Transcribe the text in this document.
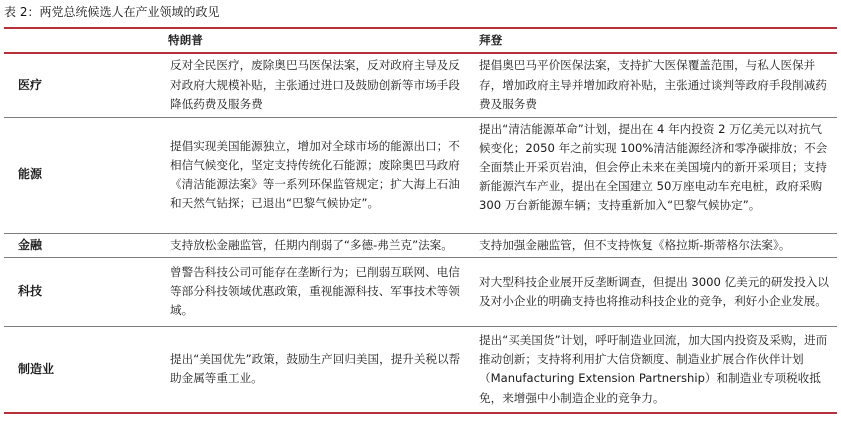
表 2：两党总统候选人在产业领域的政见
	特朗普	拜登
医疗	反对全民医疗，废除奥巴马医保法案，反对政府主导及反对政府大规模补贴，主张通过进口及鼓励创新等市场手段降低药费及服务费	提倡奥巴马平价医保法案，支持扩大医保覆盖范围，与私人医保并存，增加政府主导并增加政府补贴，主张通过谈判等政府手段削减药费及服务费
能源	提倡实现美国能源独立，增加对全球市场的能源出口；不相信气候变化，坚定支持传统化石能源；废除奥巴马政府《清洁能源法案》等一系列环保监管规定；扩大海上石油和天然气钻探；已退出“巴黎气候协定”。	提出“清洁能源革命”计划，提出在 4 年内投资 2 万亿美元以对抗气候变化；2050 年之前实现 100%清洁能源经济和零净碳排放；不会全面禁止开采页岩油，但会停止未来在美国境内的新开采项目；支持新能源汽车产业，提出在全国建立 50万座电动车充电桩，政府采购 300 万台新能源车辆；支持重新加入“巴黎气候协定”。
金融	支持放松金融监管，任期内削弱了“多德-弗兰克”法案。	支持加强金融监管，但不支持恢复《格拉斯-斯蒂格尔法案》。
科技	曾警告科技公司可能存在垄断行为；已削弱互联网、电信等部分科技领域优惠政策，重视能源科技、军事技术等领域。	对大型科技企业展开反垄断调查，但提出 3000 亿美元的研发投入以及对小企业的明确支持也将推动科技企业的竞争，利好小企业发展。
制造业	提出“美国优先”政策，鼓励生产回归美国，提升关税以帮助金属等重工业。	提出“买美国货”计划，呼吁制造业回流，加大国内投资及采购，进而推动创新；支持将利用扩大信贷额度、制造业扩展合作伙伴计划（Manufacturing Extension Partnership）和制造业专项税收抵免，来增强中小制造企业的竞争力。
